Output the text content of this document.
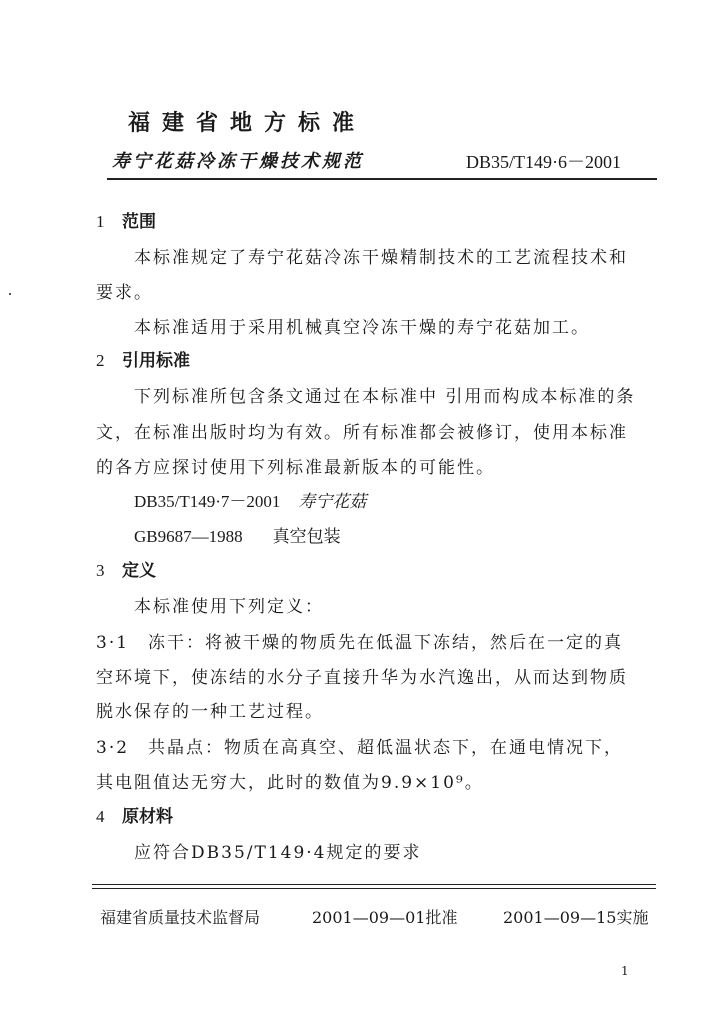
福建省地方标准
寿宁花菇冷冻干燥技术规范	DB35/T149·6－2001
1 范围
本标准规定了寿宁花菇冷冻干燥精制技术的工艺流程技术和
要求。
本标准适用于采用机械真空冷冻干燥的寿宁花菇加工。
2 引用标准
下列标准所包含条文通过在本标准中 引用而构成本标准的条
文，在标准出版时均为有效。所有标准都会被修订，使用本标准
的各方应探讨使用下列标准最新版本的可能性。
DB35/T149·7－2001 寿宁花菇
GB9687—1988 真空包装
3 定义
本标准使用下列定义：
3·1　冻干：将被干燥的物质先在低温下冻结，然后在一定的真
空环境下，使冻结的水分子直接升华为水汽逸出，从而达到物质
脱水保存的一种工艺过程。
3·2　共晶点：物质在高真空、超低温状态下，在通电情况下，
其电阻值达无穷大，此时的数值为9.9×10⁹。
4 原材料
应符合DB35/T149·4规定的要求
福建省质量技术监督局	2001—09—01批准	2001—09—15实施
1
